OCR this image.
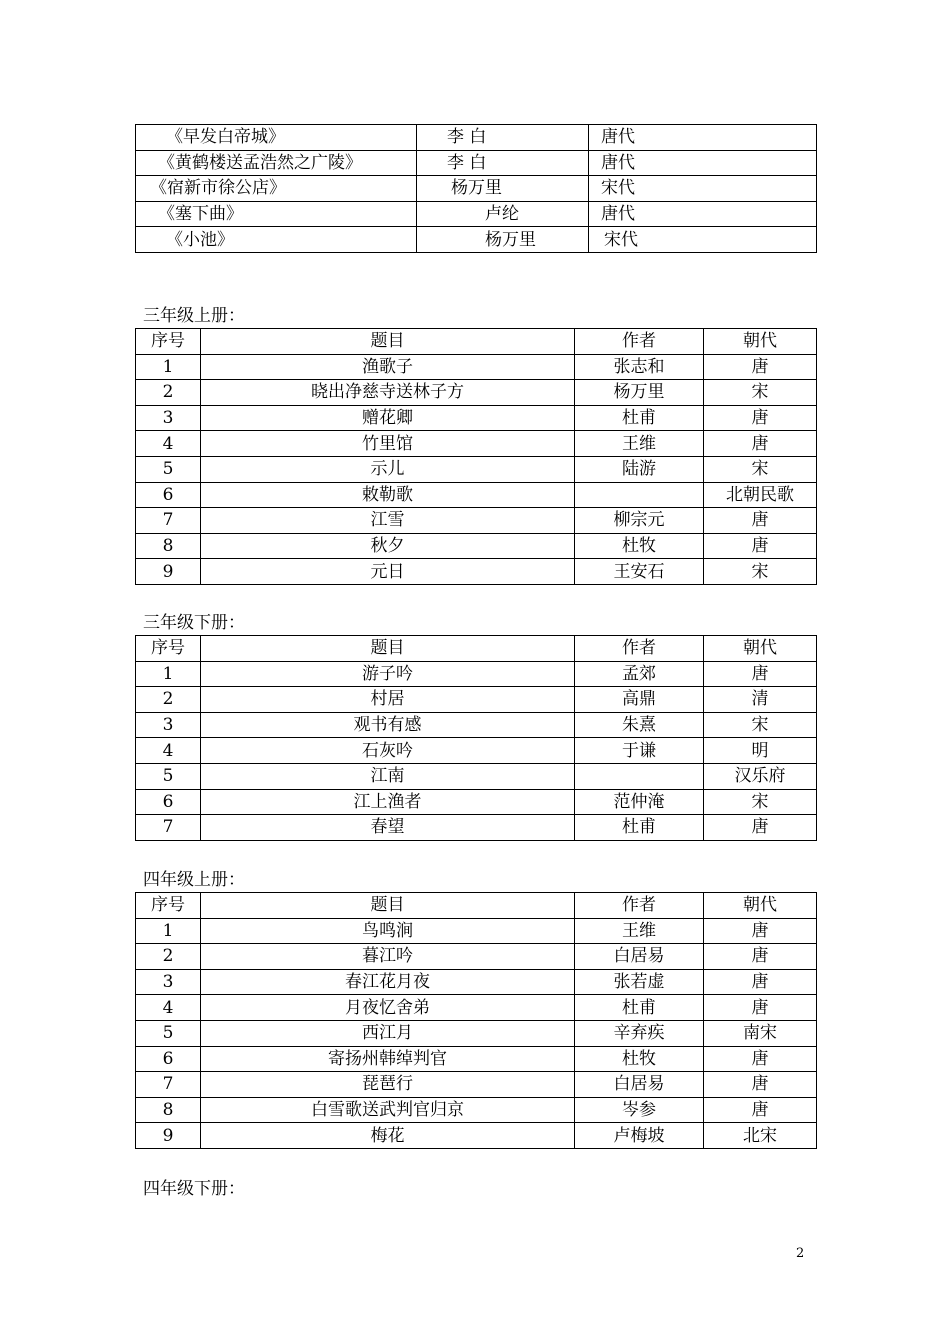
《早发白帝城》	李 白	唐代
《黄鹤楼送孟浩然之广陵》	李 白	唐代
《宿新市徐公店》	杨万里	宋代
《塞下曲》	卢纶	唐代
《小池》	杨万里	宋代
三年级上册：
序号	题目	作者	朝代
1	渔歌子	张志和	唐
2	晓出净慈寺送林子方	杨万里	宋
3	赠花卿	杜甫	唐
4	竹里馆	王维	唐
5	示儿	陆游	宋
6	敕勒歌		北朝民歌
7	江雪	柳宗元	唐
8	秋夕	杜牧	唐
9	元日	王安石	宋
三年级下册：
序号	题目	作者	朝代
1	游子吟	孟郊	唐
2	村居	高鼎	清
3	观书有感	朱熹	宋
4	石灰吟	于谦	明
5	江南		汉乐府
6	江上渔者	范仲淹	宋
7	春望	杜甫	唐
四年级上册：
序号	题目	作者	朝代
1	鸟鸣涧	王维	唐
2	暮江吟	白居易	唐
3	春江花月夜	张若虚	唐
4	月夜忆舍弟	杜甫	唐
5	西江月	辛弃疾	南宋
6	寄扬州韩绰判官	杜牧	唐
7	琵琶行	白居易	唐
8	白雪歌送武判官归京	岑参	唐
9	梅花	卢梅坡	北宋
四年级下册：
2
